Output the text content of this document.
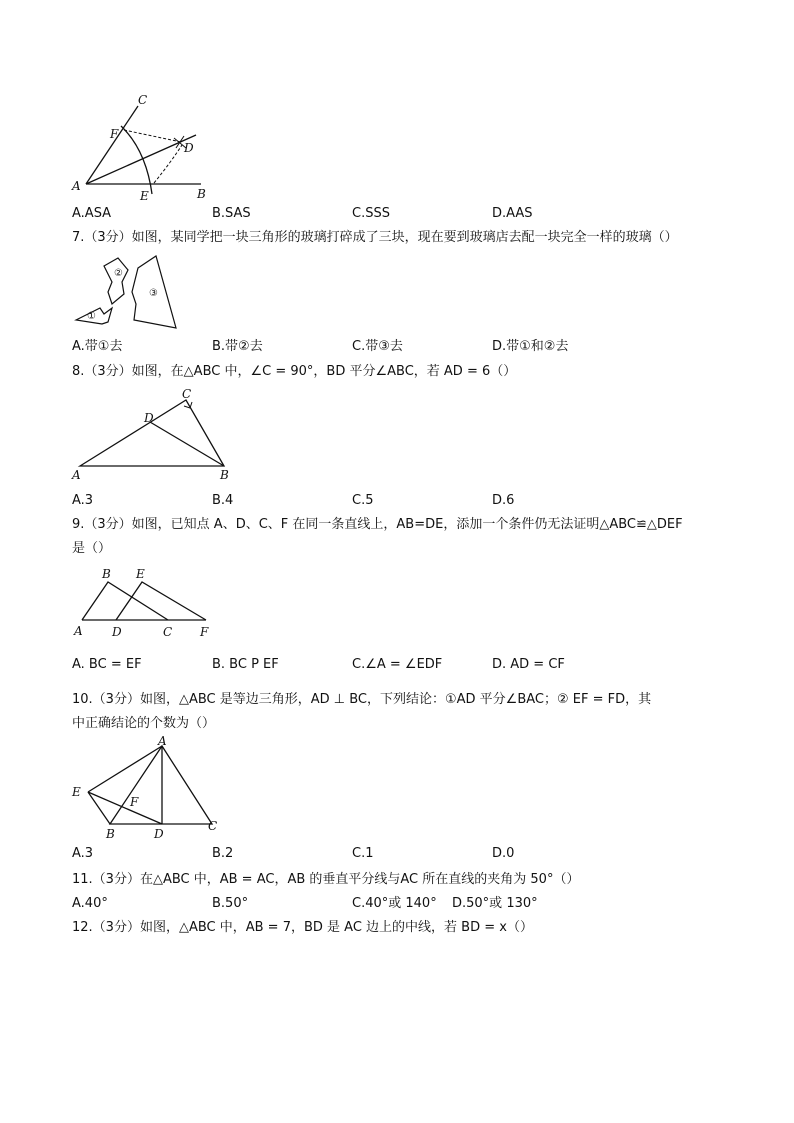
C
F
D
A
E	B
A.ASA	B.SAS	C.SSS	D.AAS
7.（3分）如图，某同学把一块三角形的玻璃打碎成了三块，现在要到玻璃店去配一块完全一样的玻璃（）
①
②
③
A.带①去	B.带②去	C.带③去	D.带①和②去
8.（3分）如图，在△ABC 中，∠C = 90°，BD 平分∠ABC，若 AD = 6（）
C
D
A	B
A.3	B.4	C.5	D.6
9.（3分）如图，已知点 A、D、C、F 在同一条直线上，AB=DE，添加一个条件仍无法证明△ABC≌△DEF
是（）
B E
A D	C F
A. BC = EF	B. BC P EF	C.∠A = ∠EDF	D. AD = CF
10.（3分）如图，△ABC 是等边三角形，AD ⊥ BC，下列结论：①AD 平分∠BAC；② EF = FD，其
中正确结论的个数为（）
A
E
F
B	D
C
A.3	B.2	C.1	D.0
11.（3分）在△ABC 中，AB = AC，AB 的垂直平分线与AC 所在直线的夹角为 50°（）
A.40°	B.50°	C.40°或 140° D.50°或 130°
12.（3分）如图，△ABC 中，AB = 7，BD 是 AC 边上的中线，若 BD = x（）
